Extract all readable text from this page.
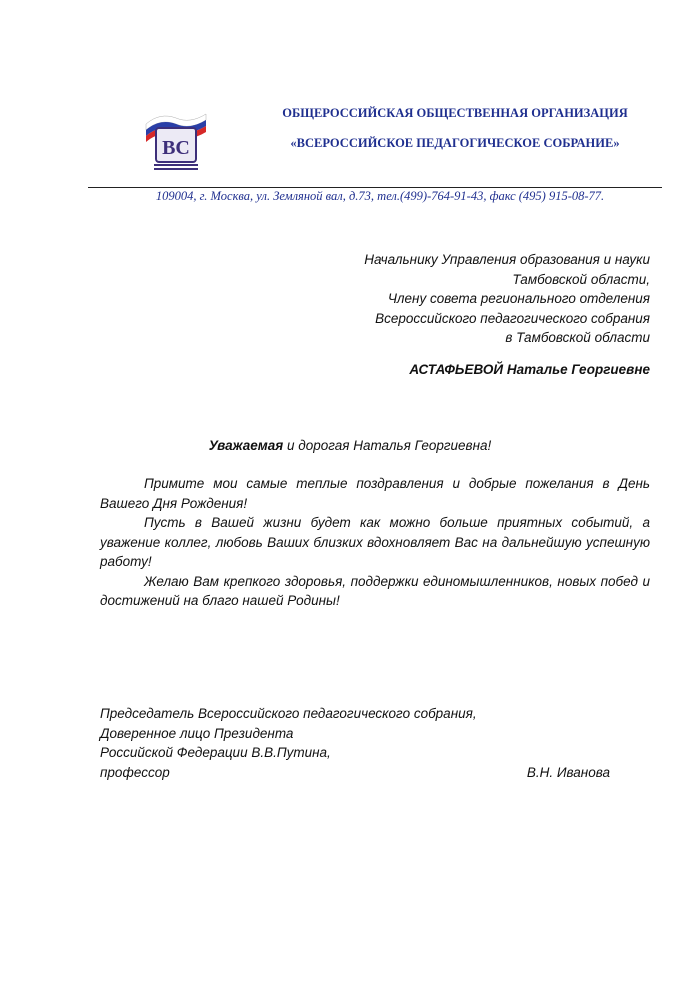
ВС
ОБЩЕРОССИЙСКАЯ ОБЩЕСТВЕННАЯ ОРГАНИЗАЦИЯ
«ВСЕРОССИЙСКОЕ ПЕДАГОГИЧЕСКОЕ СОБРАНИЕ»
109004, г. Москва, ул. Земляной вал, д.73, тел.(499)-764-91-43, факс (495) 915-08-77.
Начальнику Управления образования и науки
Тамбовской области,
Члену совета регионального отделения
Всероссийского педагогического собрания
в Тамбовской области
АСТАФЬЕВОЙ Наталье Георгиевне
Уважаемая и дорогая Наталья Георгиевна!

Примите мои самые теплые поздравления и добрые пожелания в День Вашего Дня Рождения!

Пусть в Вашей жизни будет как можно больше приятных событий, а уважение коллег, любовь Ваших близких вдохновляет Вас на дальнейшую успешную работу!

Желаю Вам крепкого здоровья, поддержки единомышленников, новых побед и достижений на благо нашей Родины!

Председатель Всероссийского педагогического собрания,
Доверенное лицо Президента
Российской Федерации В.В.Путина,
профессор	В.Н. Иванова
